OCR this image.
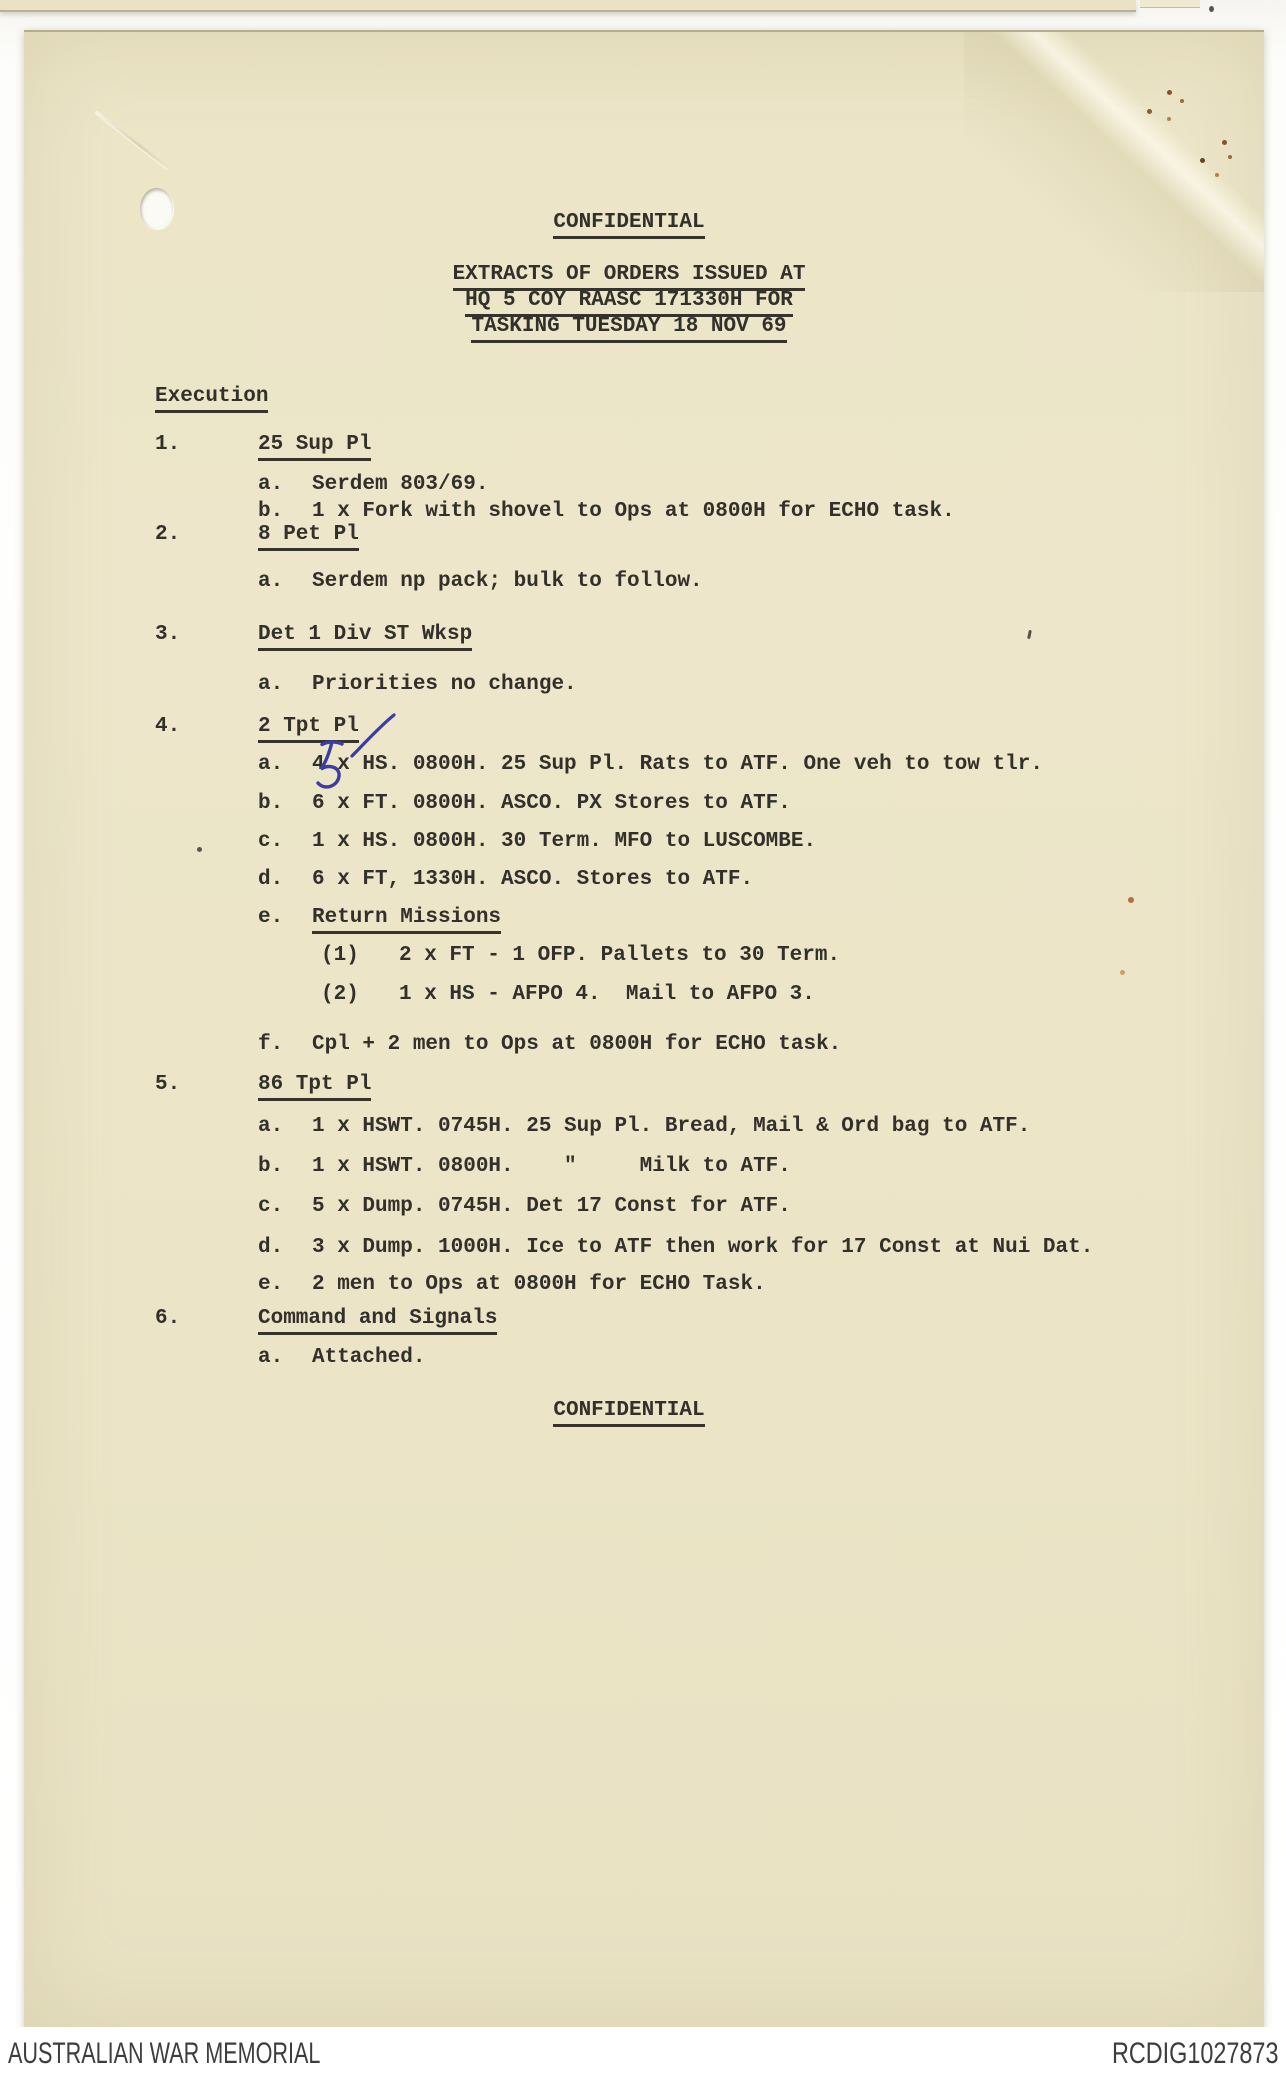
CONFIDENTIAL
EXTRACTS OF ORDERS ISSUED AT
HQ 5 COY RAASC 171330H FOR
TASKING TUESDAY 18 NOV 69
Execution
1.	25 Sup Pl
a. Serdem 803/69.
b. 1 x Fork with shovel to Ops at 0800H for ECHO task.
2.	8 Pet Pl
a. Serdem np pack; bulk to follow.
3.	Det 1 Div ST Wksp
a. Priorities no change.
4.	2 Tpt Pl
a. 4 x HS. 0800H. 25 Sup Pl. Rats to ATF. One veh to tow tlr.
b. 6 x FT. 0800H. ASCO. PX Stores to ATF.
c. 1 x HS. 0800H. 30 Term. MFO to LUSCOMBE.
d. 6 x FT, 1330H. ASCO. Stores to ATF.
e. Return Missions
(1) 2 x FT - 1 OFP. Pallets to 30 Term.
(2) 1 x HS - AFPO 4.  Mail to AFPO 3.
f. Cpl + 2 men to Ops at 0800H for ECHO task.
5.	86 Tpt Pl
a. 1 x HSWT. 0745H. 25 Sup Pl. Bread, Mail & Ord bag to ATF.
b. 1 x HSWT. 0800H.    "     Milk to ATF.
c. 5 x Dump. 0745H. Det 17 Const for ATF.
d. 3 x Dump. 1000H. Ice to ATF then work for 17 Const at Nui Dat.
e. 2 men to Ops at 0800H for ECHO Task.
6.	Command and Signals
a. Attached.
CONFIDENTIAL
AUSTRALIAN WAR MEMORIAL	RCDIG1027873
